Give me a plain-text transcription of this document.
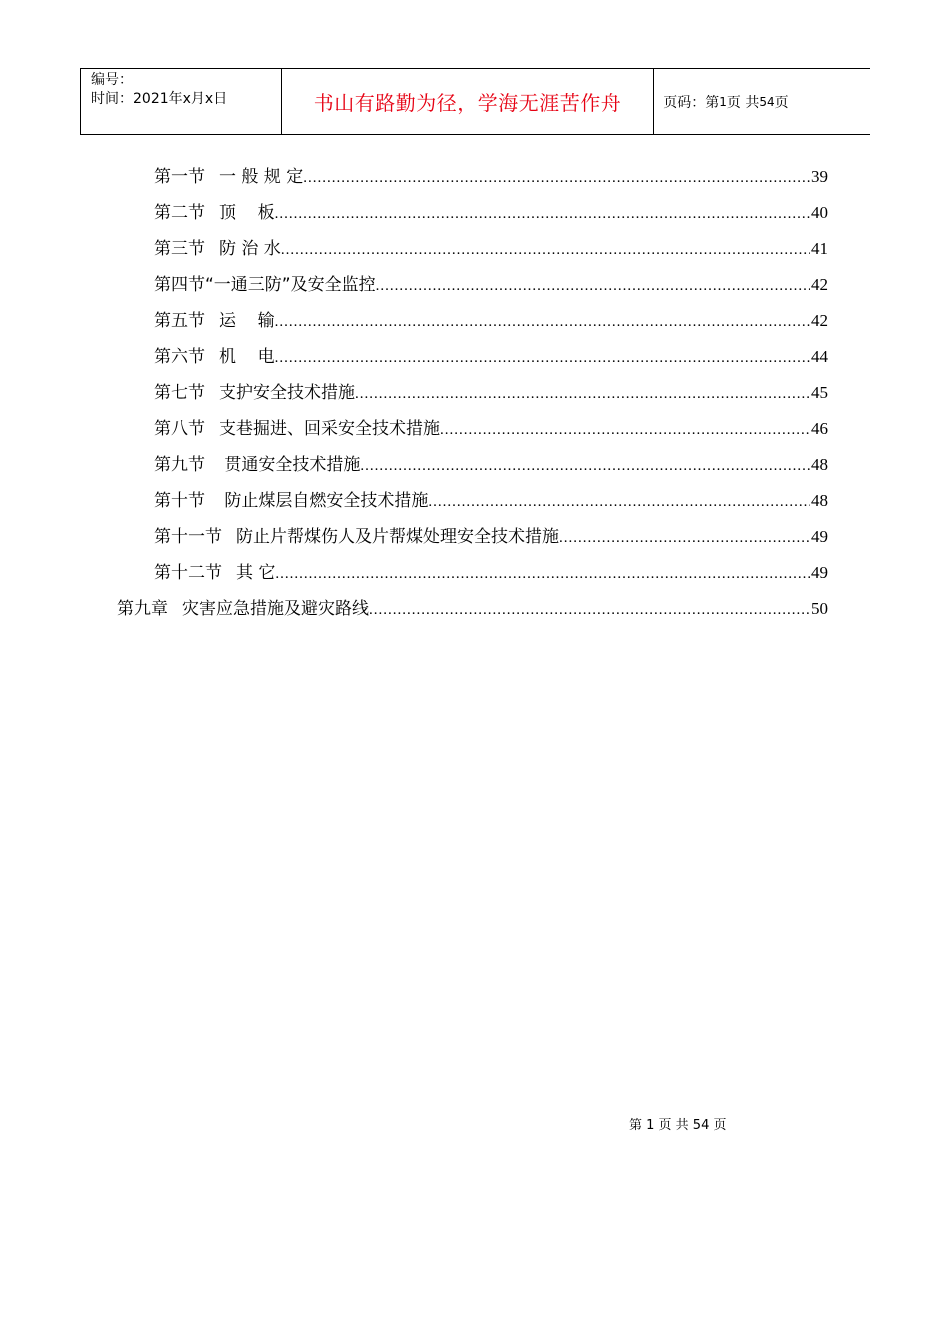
编号：
时间：2021年x月x日	书山有路勤为径，学海无涯苦作舟	页码：第 1 页 共 54 页
第一节 一 般 规 定 .....	39
第二节 顶    板 .....	40
第三节 防 治 水 .....	41
第四节 “一通三防”及安全监控 .....	42
第五节 运    输 .....	42
第六节 机    电 .....	44
第七节 支护安全技术措施 .....	45
第八节 支巷掘进、回采安全技术措施 .....	46
第九节 贯通安全技术措施 .....	48
第十节 防止煤层自燃安全技术措施 .....	48
第十一节 防止片帮煤伤人及片帮煤处理安全技术措施 .....	49
第十二节 其 它 .....	49
第九章 灾害应急措施及避灾路线 .....	50
第 1 页 共 54 页
